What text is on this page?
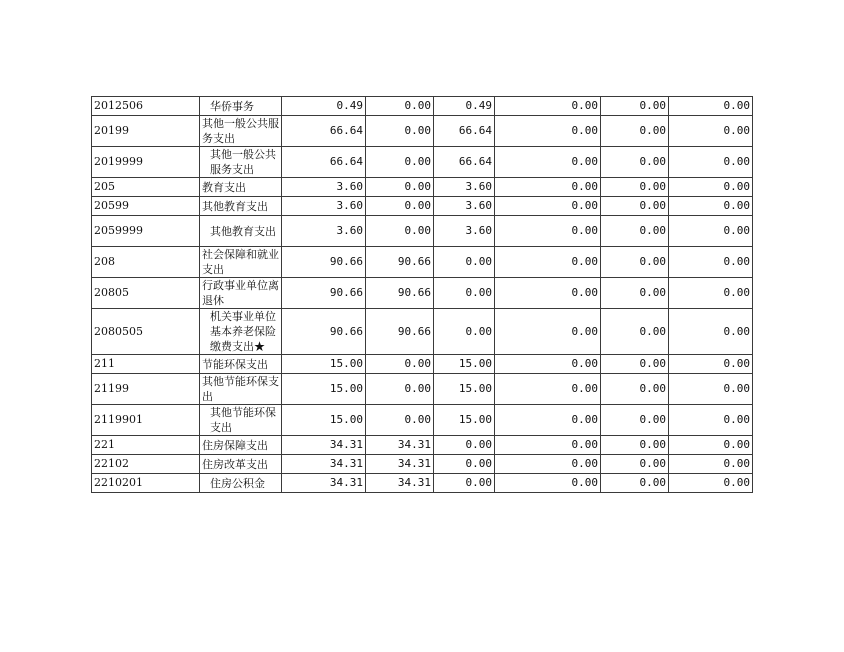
2012506	华侨事务	0.49	0.00	0.49	0.00	0.00	0.00
20199	其他一般公共服务支出	66.64	0.00	66.64	0.00	0.00	0.00
2019999	其他一般公共服务支出	66.64	0.00	66.64	0.00	0.00	0.00
205	教育支出	3.60	0.00	3.60	0.00	0.00	0.00
20599	其他教育支出	3.60	0.00	3.60	0.00	0.00	0.00
2059999	其他教育支出	3.60	0.00	3.60	0.00	0.00	0.00
208	社会保障和就业支出	90.66	90.66	0.00	0.00	0.00	0.00
20805	行政事业单位离退休	90.66	90.66	0.00	0.00	0.00	0.00
2080505	机关事业单位基本养老保险缴费支出★	90.66	90.66	0.00	0.00	0.00	0.00
211	节能环保支出	15.00	0.00	15.00	0.00	0.00	0.00
21199	其他节能环保支出	15.00	0.00	15.00	0.00	0.00	0.00
2119901	其他节能环保支出	15.00	0.00	15.00	0.00	0.00	0.00
221	住房保障支出	34.31	34.31	0.00	0.00	0.00	0.00
22102	住房改革支出	34.31	34.31	0.00	0.00	0.00	0.00
2210201	住房公积金	34.31	34.31	0.00	0.00	0.00	0.00
